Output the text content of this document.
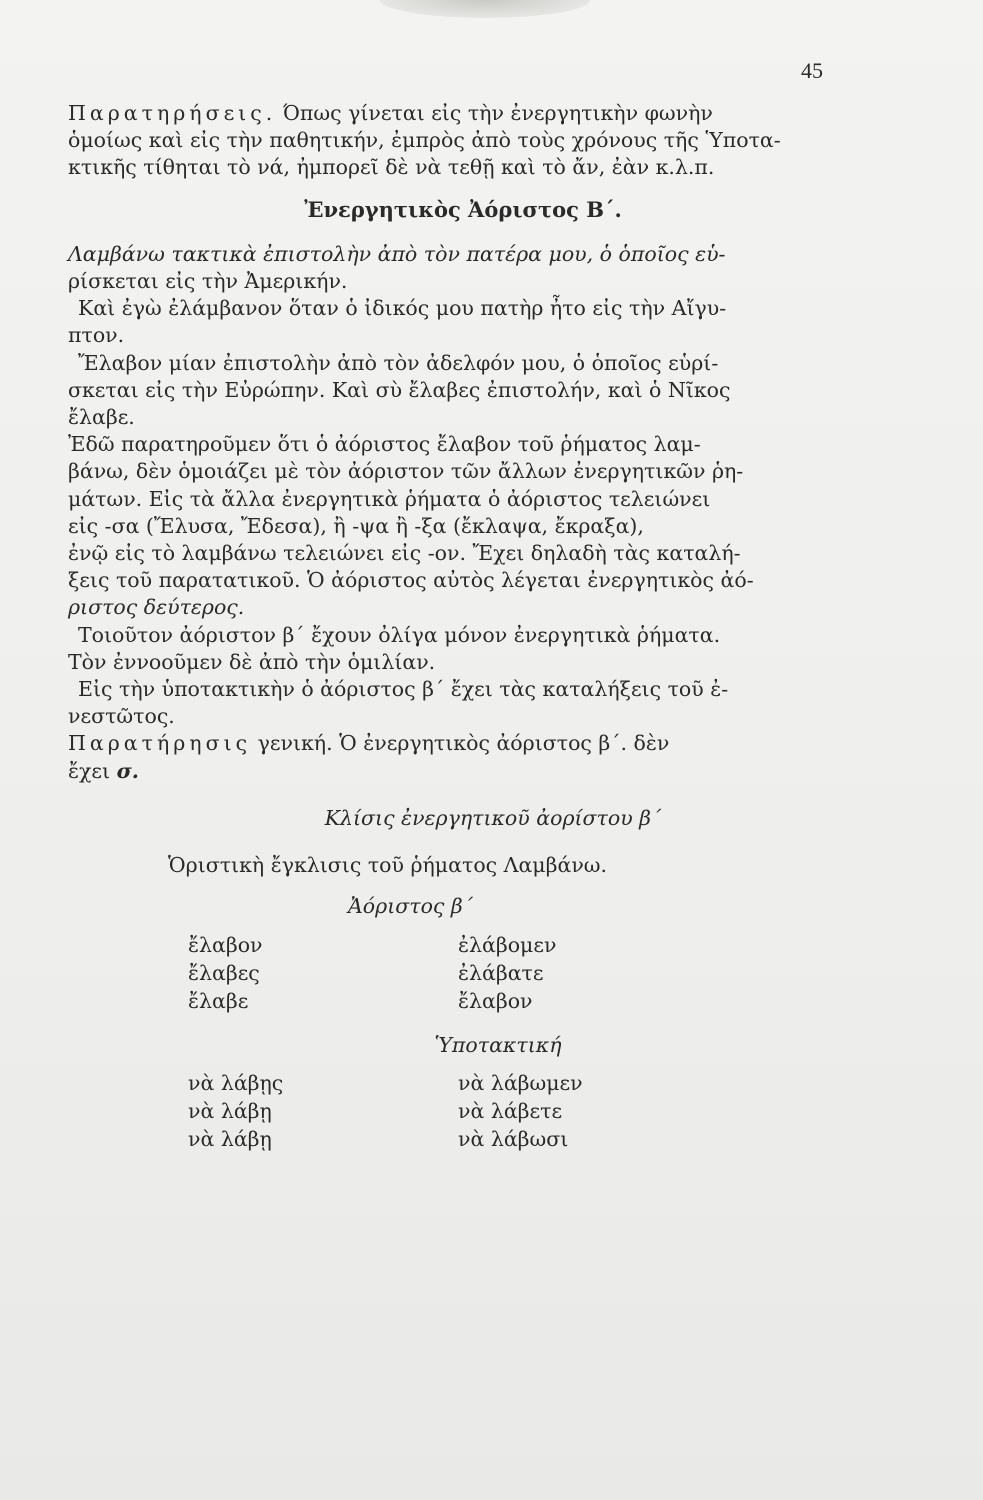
45
Παρατηρήσεις. Όπως γίνεται εἰς τὴν ἐνεργητικὴν φωνὴν
ὁμοίως καὶ εἰς τὴν παθητικήν, ἐμπρὸς ἀπὸ τοὺς χρόνους τῆς Ὑποτα-
κτικῆς τίθηται τὸ νά, ἠμπορεῖ δὲ νὰ τεθῇ καὶ τὸ ἄν, ἐὰν κ.λ.π.
Ἐνεργητικὸς Ἀόριστος Β΄.
Λαμβάνω τακτικὰ ἐπιστολὴν ἀπὸ τὸν πατέρα μου, ὁ ὁποῖος εὑ-
ρίσκεται εἰς τὴν Ἀμερικήν.
Καὶ ἐγὼ ἐλάμβανον ὅταν ὁ ἰδικός μου πατὴρ ἦτο εἰς τὴν Αἴγυ-
πτον.
Ἔλαβον μίαν ἐπιστολὴν ἀπὸ τὸν ἀδελφόν μου, ὁ ὁποῖος εὑρί-
σκεται εἰς τὴν Εὐρώπην. Καὶ σὺ ἔλαβες ἐπιστολήν, καὶ ὁ Νῖκος
ἔλαβε.
Ἐδῶ παρατηροῦμεν ὅτι ὁ ἀόριστος ἔλαβον τοῦ ῥήματος λαμ-
βάνω, δὲν ὁμοιάζει μὲ τὸν ἀόριστον τῶν ἄλλων ἐνεργητικῶν ῥη-
μάτων. Εἰς τὰ ἄλλα ἐνεργητικὰ ῥήματα ὁ ἀόριστος τελειώνει
εἰς -σα (Ἔλυσα, Ἔδεσα), ἢ -ψα ἢ -ξα (ἔκλαψα, ἔκραξα),
ἐνῷ εἰς τὸ λαμβάνω τελειώνει εἰς -ον. Ἔχει δηλαδὴ τὰς καταλή-
ξεις τοῦ παρατατικοῦ. Ὁ ἀόριστος αὐτὸς λέγεται ἐνεργητικὸς ἀό-
ριστος δεύτερος.
Τοιοῦτον ἀόριστον β΄ ἔχουν ὀλίγα μόνον ἐνεργητικὰ ῥήματα.
Τὸν ἐννοοῦμεν δὲ ἀπὸ τὴν ὁμιλίαν.
Εἰς τὴν ὑποτακτικὴν ὁ ἀόριστος β΄ ἔχει τὰς καταλήξεις τοῦ ἐ-
νεστῶτος.
Παρατήρησις γενική. Ὁ ἐνεργητικὸς ἀόριστος β΄. δὲν
ἔχει σ.
Κλίσις ἐνεργητικοῦ ἀορίστου β΄
Ὁριστικὴ ἔγκλισις τοῦ ῥήματος Λαμβάνω.
Ἀόριστος β΄
ἔλαβον
ἔλαβες
ἔλαβε
ἐλάβομεν
ἐλάβατε
ἔλαβον
Ὑποτακτική
νὰ λάβῃς
νὰ λάβῃ
νὰ λάβῃ
νὰ λάβωμεν
νὰ λάβετε
νὰ λάβωσι
